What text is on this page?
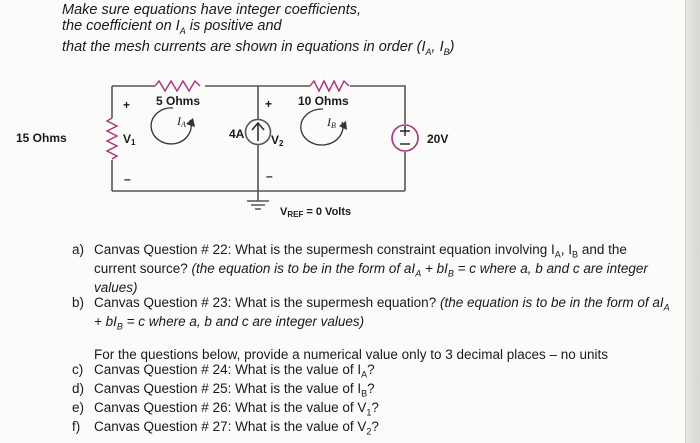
Make sure equations have integer coefficients,
the coefficient on $I_A$ is positive and
that the mesh currents are shown in equations in order ($I_A$, $I_B$)
15 Ohms
5 Ohms	10 Ohms
V1	V2
4A	20V
IA	IB
+
–
+
–
VREF = 0 Volts
a) Canvas Question # 22: What is the supermesh constraint equation involving $I_A$, $I_B$ and the current source? (the equation is to be in the form of $aI_A + bI_B = c$ where a, b and c are integer values)
b) Canvas Question # 23: What is the supermesh equation? (the equation is to be in the form of $aI_A + bI_B = c$ where a, b and c are integer values)
For the questions below, provide a numerical value only to 3 decimal places – no units
c) Canvas Question # 24: What is the value of $I_A$?
d) Canvas Question # 25: What is the value of $I_B$?
e) Canvas Question # 26: What is the value of $V_1$?
f)	Canvas Question # 27: What is the value of $V_2$?
